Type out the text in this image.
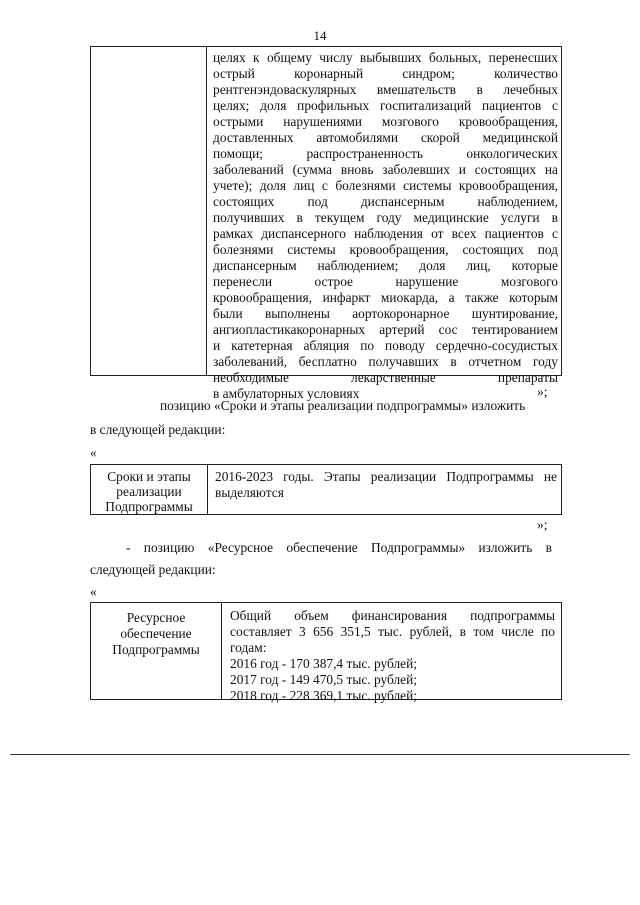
14
целях к общему числу выбывших больных, перенесших
острый коронарный синдром; количество
рентгенэндоваскулярных вмешательств в лечебных
целях; доля профильных госпитализаций пациентов с
острыми нарушениями мозгового кровообращения,
доставленных автомобилями скорой медицинской
помощи; распространенность онкологических
заболеваний (сумма вновь заболевших и состоящих на
учете); доля лиц с болезнями системы кровообращения,
состоящих под диспансерным наблюдением,
получивших в текущем году медицинские услуги в
рамках диспансерного наблюдения от всех пациентов с
болезнями системы кровообращения, состоящих под
диспансерным наблюдением; доля лиц, которые
перенесли острое нарушение мозгового
кровообращения, инфаркт миокарда, а также которым
были выполнены аортокоронарное шунтирование,
ангиопластикакоронарных артерий сос тентированием
и катетерная абляция по поводу сердечно-сосудистых
заболеваний, бесплатно получавших в отчетном году
необходимые лекарственные препараты
в амбулаторных условиях	»;
позицию «Сроки и этапы реализации подпрограммы» изложить
в следующей редакции:
«
Сроки и этапы
реализации
Подпрограммы
2016-2023 годы. Этапы реализации Подпрограммы не
выделяются
»;
- позицию «Ресурсное обеспечение Подпрограммы» изложить в
следующей редакции:
«
Ресурсное
обеспечение
Подпрограммы
Общий объем финансирования подпрограммы
составляет 3 656 351,5 тыс. рублей, в том числе по
годам:
2016 год - 170 387,4 тыс. рублей;
2017 год - 149 470,5 тыс. рублей;
2018 год - 228 369,1 тыс. рублей;
